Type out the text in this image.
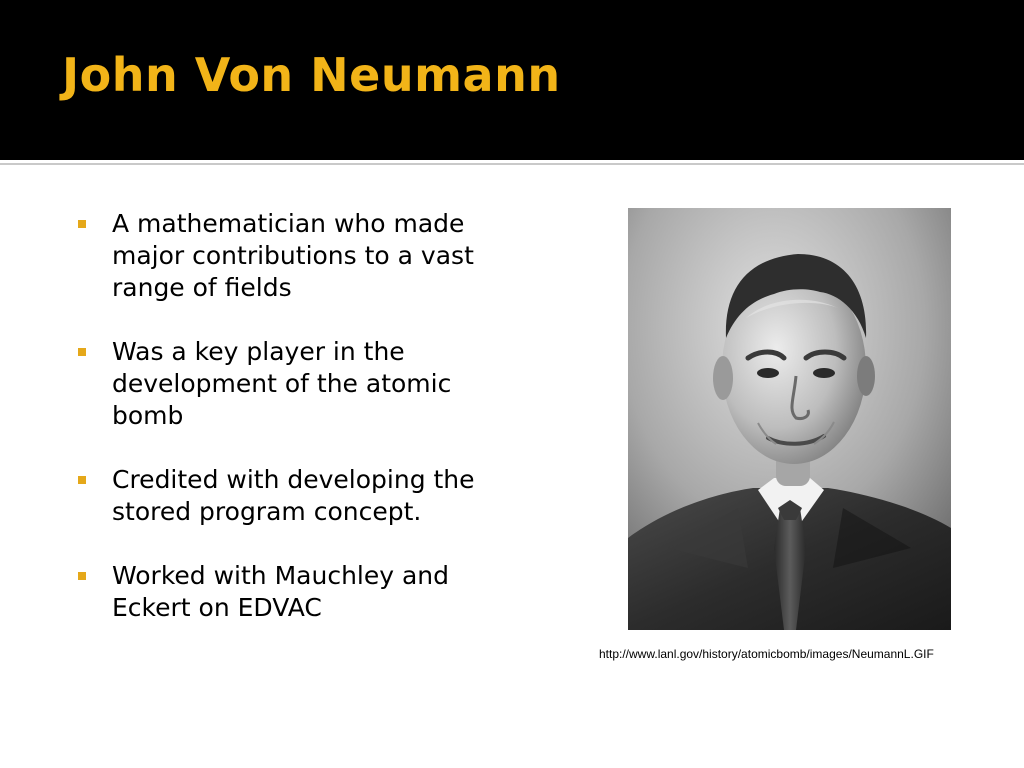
John Von Neumann
A mathematician who made major contributions to a vast range of fields
Was a key player in the development of the atomic bomb
Credited with developing the stored program concept.
Worked with Mauchley and Eckert on EDVAC
http://www.lanl.gov/history/atomicbomb/images/NeumannL.GIF
